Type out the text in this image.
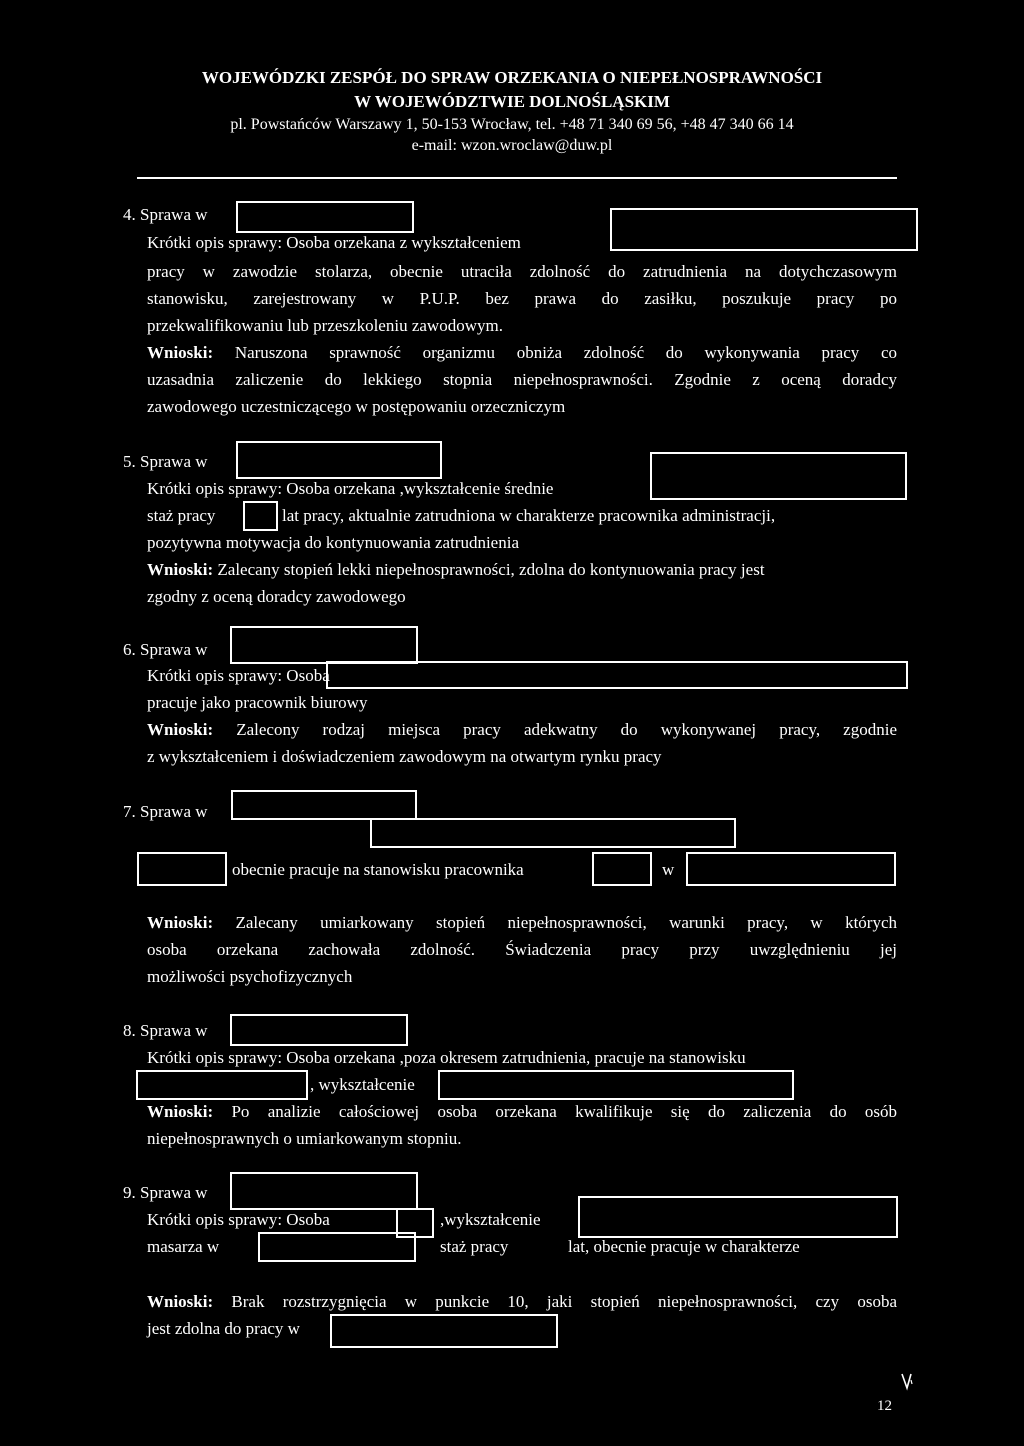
WOJEWÓDZKI ZESPÓŁ DO SPRAW ORZEKANIA O NIEPEŁNOSPRAWNOŚCI
W WOJEWÓDZTWIE DOLNOŚLĄSKIM
pl. Powstańców Warszawy 1, 50-153 Wrocław, tel. +48 71 340 69 56, +48 47 340 66 14
e-mail: wzon.wroclaw@duw.pl
4. Sprawa w
Krótki opis sprawy: Osoba orzekana z wykształceniem
pracy w zawodzie stolarza, obecnie utraciła zdolność do zatrudnienia na dotychczasowym
stanowisku, zarejestrowany w P.U.P. bez prawa do zasiłku, poszukuje pracy po
przekwalifikowaniu lub przeszkoleniu zawodowym.
Wnioski: Naruszona sprawność organizmu obniża zdolność do wykonywania pracy co
uzasadnia zaliczenie do lekkiego stopnia niepełnosprawności. Zgodnie z oceną doradcy
zawodowego uczestniczącego w postępowaniu orzeczniczym
5. Sprawa w
Krótki opis sprawy: Osoba orzekana ,wykształcenie średnie
staż pracy	lat pracy, aktualnie zatrudniona w charakterze pracownika administracji,
pozytywna motywacja do kontynuowania zatrudnienia
Wnioski: Zalecany stopień lekki niepełnosprawności, zdolna do kontynuowania pracy jest
zgodny z oceną doradcy zawodowego
6. Sprawa w
Krótki opis sprawy: Osoba
pracuje jako pracownik biurowy
Wnioski: Zalecony rodzaj miejsca pracy adekwatny do wykonywanej pracy, zgodnie
z wykształceniem i doświadczeniem zawodowym na otwartym rynku pracy
7. Sprawa w
obecnie pracuje na stanowisku pracownika	w
Wnioski: Zalecany umiarkowany stopień niepełnosprawności, warunki pracy, w których
osoba orzekana zachowała zdolność. Świadczenia pracy przy uwzględnieniu jej
możliwości psychofizycznych
8. Sprawa w
Krótki opis sprawy: Osoba orzekana ,poza okresem zatrudnienia, pracuje na stanowisku
, wykształcenie
Wnioski: Po analizie całościowej osoba orzekana kwalifikuje się do zaliczenia do osób
niepełnosprawnych o umiarkowanym stopniu.
9. Sprawa w
Krótki opis sprawy: Osoba	,wykształcenie
masarza w	staż pracy	lat, obecnie pracuje w charakterze
Wnioski: Brak rozstrzygnięcia w punkcie 10, jaki stopień niepełnosprawności, czy osoba
jest zdolna do pracy w
12
